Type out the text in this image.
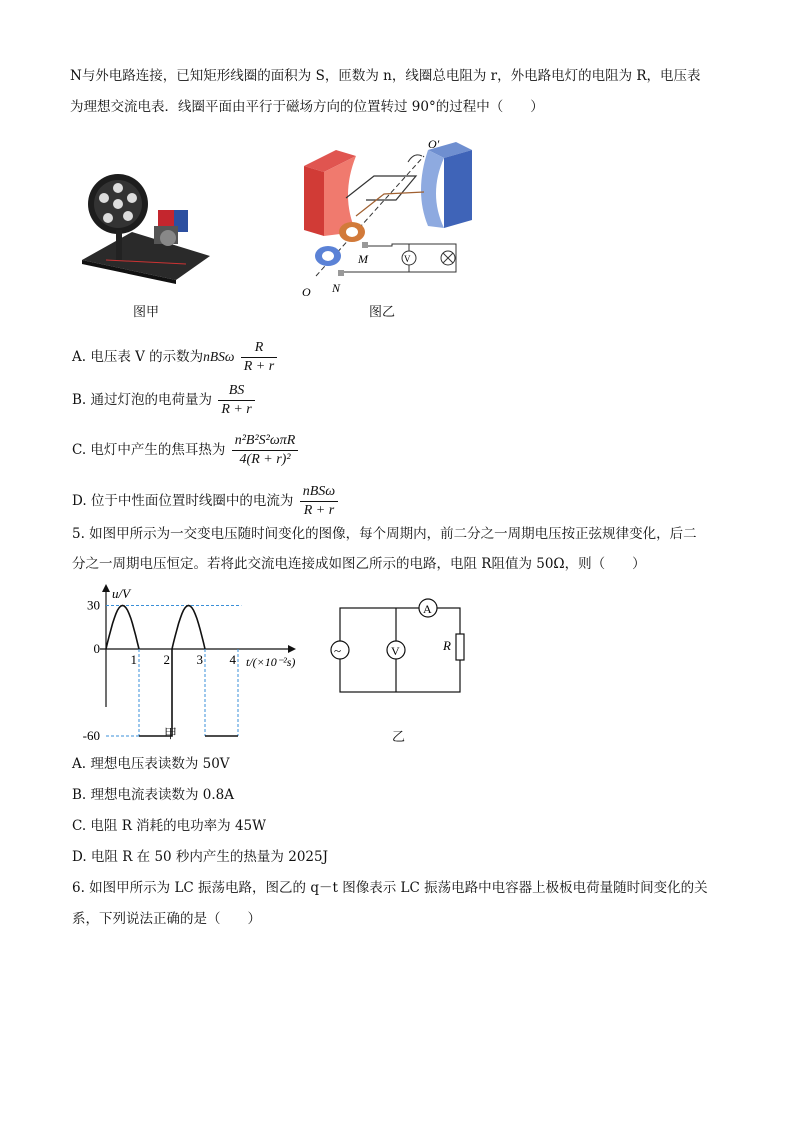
N与外电路连接，已知矩形线圈的面积为 S，匝数为 n，线圈总电阻为 r，外电路电灯的电阻为 R，电压表
为理想交流电表．线圈平面由平行于磁场方向的位置转过 90°的过程中（　　）
图甲
V
O′
M
N
O
图乙
A. 电压表 V 的示数为nBSω $\frac{R}{R + r}$
B. 通过灯泡的电荷量为 $\frac{BS}{R + r}$
C. 电灯中产生的焦耳热为 $\frac{\text{n²B²S²ωπR}}{\text{4(R + r)²}}$
D. 位于中性面位置时线圈中的电流为 $\frac{\text{nBSω}}{R + r}$
5. 如图甲所示为一交变电压随时间变化的图像，每个周期内，前二分之一周期电压按正弦规律变化，后二
分之一周期电压恒定。若将此交流电连接成如图乙所示的电路，电阻 R阻值为 50Ω，则（　　）
30
0
-60
1 2 3 4
u/V
t/(×10⁻²s)
甲
~	V
A
R
乙
A. 理想电压表读数为 50V
B. 理想电流表读数为 0.8A
C. 电阻 R 消耗的电功率为 45W
D. 电阻 R 在 50 秒内产生的热量为 2025J
6. 如图甲所示为 LC 振荡电路，图乙的 q－t 图像表示 LC 振荡电路中电容器上极板电荷量随时间变化的关
系，下列说法正确的是（　　）
